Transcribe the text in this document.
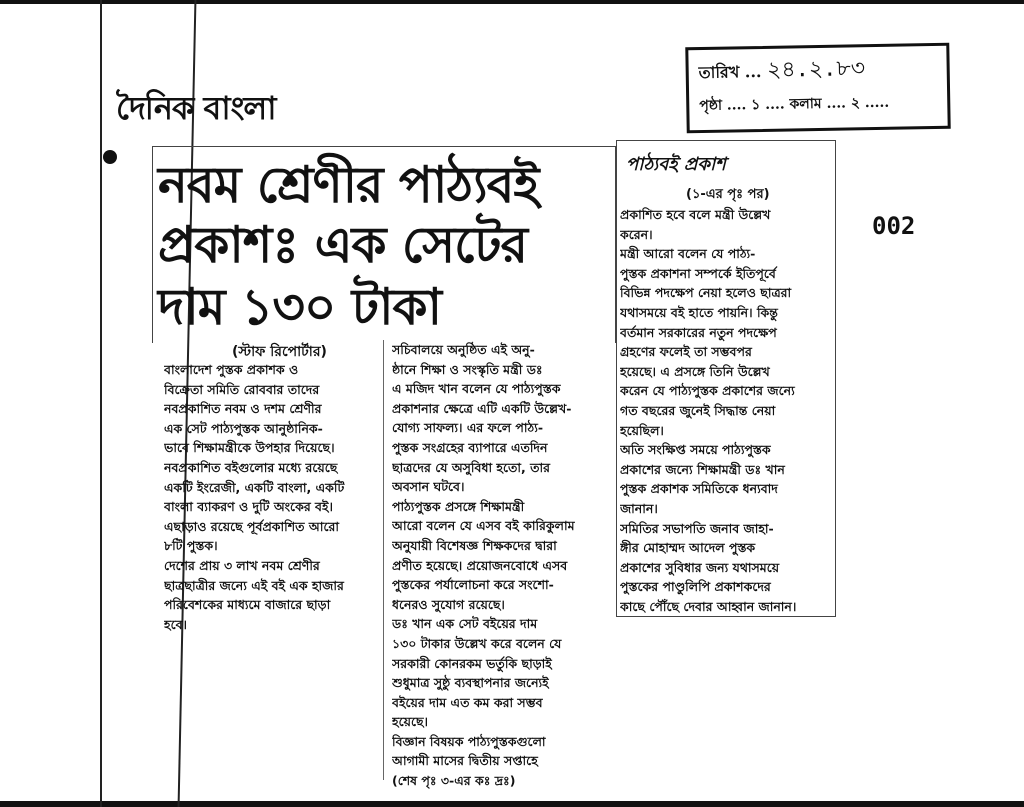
দৈনিক বাংলা
তারিখ ... ২৪.২.৮৩
পৃষ্ঠা .... ১ .... কলাম .... ২ .....
নবম শ্রেণীর পাঠ্যবই
প্রকাশঃ এক সেটের
দাম ১৩০ টাকা
(স্টাফ রিপোর্টার)
বাংলাদেশ পুস্তক প্রকাশক ও
বিক্রেতা সমিতি রোববার তাদের
নবপ্রকাশিত নবম ও দশম শ্রেণীর
এক সেট পাঠ্যপুস্তক আনুষ্ঠানিক-
ভাবে শিক্ষামন্ত্রীকে উপহার দিয়েছে।
নবপ্রকাশিত বইগুলোর মধ্যে রয়েছে
একটি ইংরেজী, একটি বাংলা, একটি
বাংলা ব্যাকরণ ও দুটি অংকের বই।
এছাড়াও রয়েছে পূর্বপ্রকাশিত আরো
৮টি পুস্তক।
দেশের প্রায় ৩ লাখ নবম শ্রেণীর
ছাত্রছাত্রীর জন্যে এই বই এক হাজার
পরিবেশকের মাধ্যমে বাজারে ছাড়া
হবে।
সচিবালয়ে অনুষ্ঠিত এই অনু-
ষ্ঠানে শিক্ষা ও সংস্কৃতি মন্ত্রী ডঃ
এ মজিদ খান বলেন যে পাঠ্যপুস্তক
প্রকাশনার ক্ষেত্রে এটি একটি উল্লেখ-
যোগ্য সাফল্য। এর ফলে পাঠ্য-
পুস্তক সংগ্রহের ব্যাপারে এতদিন
ছাত্রদের যে অসুবিধা হতো, তার
অবসান ঘটবে।
পাঠ্যপুস্তক প্রসঙ্গে শিক্ষামন্ত্রী
আরো বলেন যে এসব বই কারিকুলাম
অনুযায়ী বিশেষজ্ঞ শিক্ষকদের দ্বারা
প্রণীত হয়েছে। প্রয়োজনবোধে এসব
পুস্তকের পর্যালোচনা করে সংশো-
ধনেরও সুযোগ রয়েছে।
ডঃ খান এক সেট বইয়ের দাম
১৩০ টাকার উল্লেখ করে বলেন যে
সরকারী কোনরকম ভর্তুকি ছাড়াই
শুধুমাত্র সুষ্ঠু ব্যবস্থাপনার জন্যেই
বইয়ের দাম এত কম করা সম্ভব
হয়েছে।
বিজ্ঞান বিষয়ক পাঠ্যপুস্তকগুলো
আগামী মাসের দ্বিতীয় সপ্তাহে
(শেষ পৃঃ ৩-এর কঃ দ্রঃ)
পাঠ্যবই প্রকাশ
(১-এর পৃঃ পর)
প্রকাশিত হবে বলে মন্ত্রী উল্লেখ
করেন।
মন্ত্রী আরো বলেন যে পাঠ্য-
পুস্তক প্রকাশনা সম্পর্কে ইতিপূর্বে
বিভিন্ন পদক্ষেপ নেয়া হলেও ছাত্ররা
যথাসময়ে বই হাতে পায়নি। কিন্তু
বর্তমান সরকারের নতুন পদক্ষেপ
গ্রহণের ফলেই তা সম্ভবপর
হয়েছে। এ প্রসঙ্গে তিনি উল্লেখ
করেন যে পাঠ্যপুস্তক প্রকাশের জন্যে
গত বছরের জুনেই সিদ্ধান্ত নেয়া
হয়েছিল।
অতি সংক্ষিপ্ত সময়ে পাঠ্যপুস্তক
প্রকাশের জন্যে শিক্ষামন্ত্রী ডঃ খান
পুস্তক প্রকাশক সমিতিকে ধন্যবাদ
জানান।
সমিতির সভাপতি জনাব জাহা-
ঙ্গীর মোহাম্মদ আদেল পুস্তক
প্রকাশের সুবিধার জন্য যথাসময়ে
পুস্তকের পাণ্ডুলিপি প্রকাশকদের
কাছে পৌঁছে দেবার আহ্বান জানান।
002
